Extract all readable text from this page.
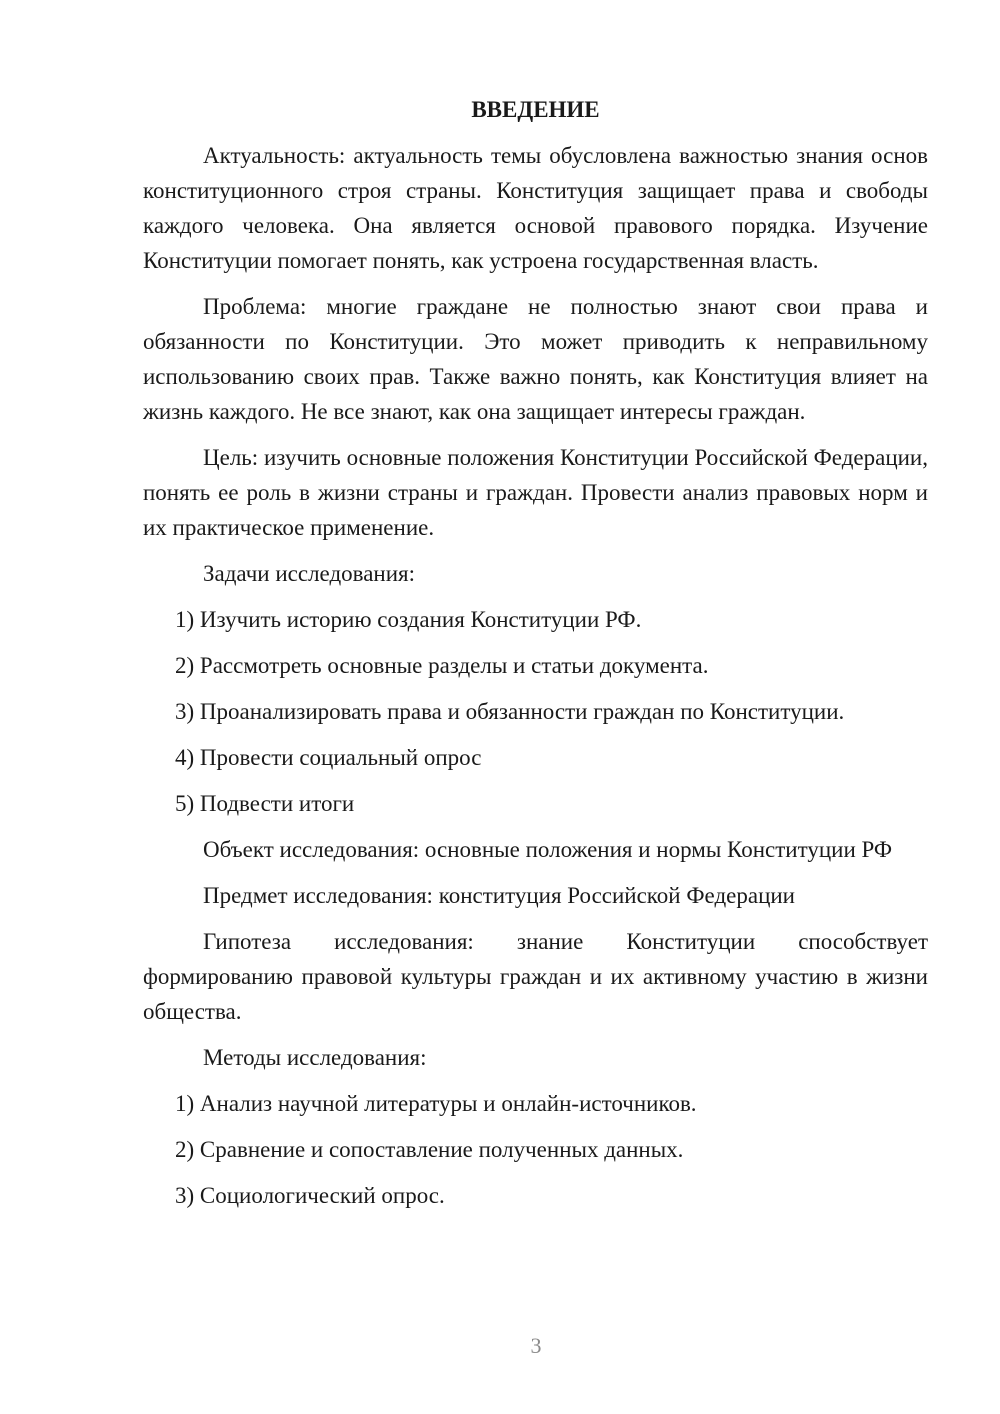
ВВЕДЕНИЕ
Актуальность: актуальность темы обусловлена важностью знания основ конституционного строя страны. Конституция защищает права и свободы каждого человека. Она является основой правового порядка. Изучение Конституции помогает понять, как устроена государственная власть.
Проблема: многие граждане не полностью знают свои права и обязанности по Конституции. Это может приводить к неправильному использованию своих прав. Также важно понять, как Конституция влияет на жизнь каждого. Не все знают, как она защищает интересы граждан.
Цель: изучить основные положения Конституции Российской Федерации, понять ее роль в жизни страны и граждан. Провести анализ правовых норм и их практическое применение.
Задачи исследования:
1) Изучить историю создания Конституции РФ.
2) Рассмотреть основные разделы и статьи документа.
3) Проанализировать права и обязанности граждан по Конституции.
4) Провести социальный опрос
5) Подвести итоги
Объект исследования: основные положения и нормы Конституции РФ
Предмет исследования: конституция Российской Федерации
Гипотеза исследования: знание Конституции способствует формированию правовой культуры граждан и их активному участию в жизни общества.
Методы исследования:
1) Анализ научной литературы и онлайн-источников.
2) Сравнение и сопоставление полученных данных.
3) Социологический опрос.
3
